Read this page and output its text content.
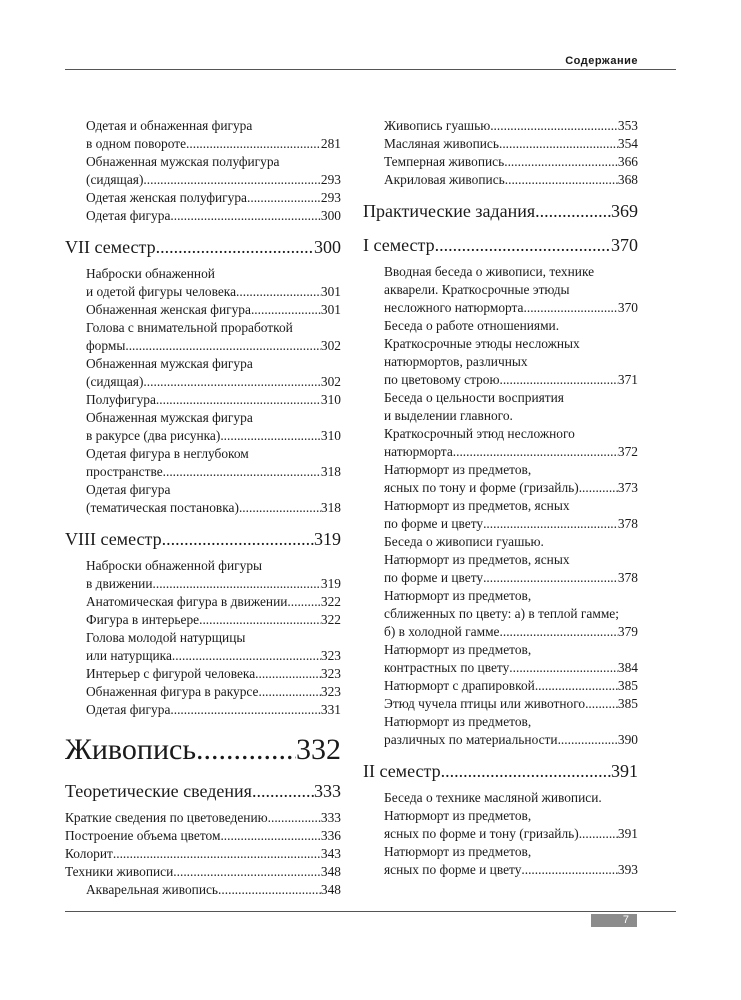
Содержание
Одетая и обнаженная фигура
в одном повороте .....	281
Обнаженная мужская полуфигура
(сидящая) .....	293
Одетая женская полуфигура .....	293
Одетая фигура .....	300
VII семестр .....	300
Наброски обнаженной
и одетой фигуры человека .....	301
Обнаженная женская фигура .....	301
Голова с внимательной проработкой
формы .....	302
Обнаженная мужская фигура
(сидящая) .....	302
Полуфигура .....	310
Обнаженная мужская фигура
в ракурсе (два рисунка) .....	310
Одетая фигура в неглубоком
пространстве .....	318
Одетая фигура
(тематическая постановка) .....	318
VIII семестр .....	319
Наброски обнаженной фигуры
в движении .....	319
Анатомическая фигура в движении .....	322
Фигура в интерьере .....	322
Голова молодой натурщицы
или натурщика .....	323
Интерьер с фигурой человека .....	323
Обнаженная фигура в ракурсе .....	323
Одетая фигура .....	331
Живопись .....	332
Теоретические сведения .....	333
Краткие сведения по цветоведению .....	333
Построение объема цветом .....	336
Колорит .....	343
Техники живописи .....	348
Акварельная живопись .....	348
Живопись гуашью .....	353
Масляная живопись .....	354
Темперная живопись .....	366
Акриловая живопись .....	368
Практические задания .....	369
I семестр .....	370
Вводная беседа о живописи, технике
акварели. Краткосрочные этюды
несложного натюрморта .....	370
Беседа о работе отношениями.
Краткосрочные этюды несложных
натюрмортов, различных
по цветовому строю .....	371
Беседа о цельности восприятия
и выделении главного.
Краткосрочный этюд несложного
натюрморта .....	372
Натюрморт из предметов,
ясных по тону и форме (гризайль) .....	373
Натюрморт из предметов, ясных
по форме и цвету .....	378
Беседа о живописи гуашью.
Натюрморт из предметов, ясных
по форме и цвету .....	378
Натюрморт из предметов,
сближенных по цвету: а) в теплой гамме;
б) в холодной гамме .....	379
Натюрморт из предметов,
контрастных по цвету .....	384
Натюрморт с драпировкой .....	385
Этюд чучела птицы или животного ..... 385
Натюрморт из предметов,
различных по материальности .....	390
II семестр .....	391
Беседа о технике масляной живописи.
Натюрморт из предметов,
ясных по форме и тону (гризайль) .....	391
Натюрморт из предметов,
ясных по форме и цвету .....	393
7
